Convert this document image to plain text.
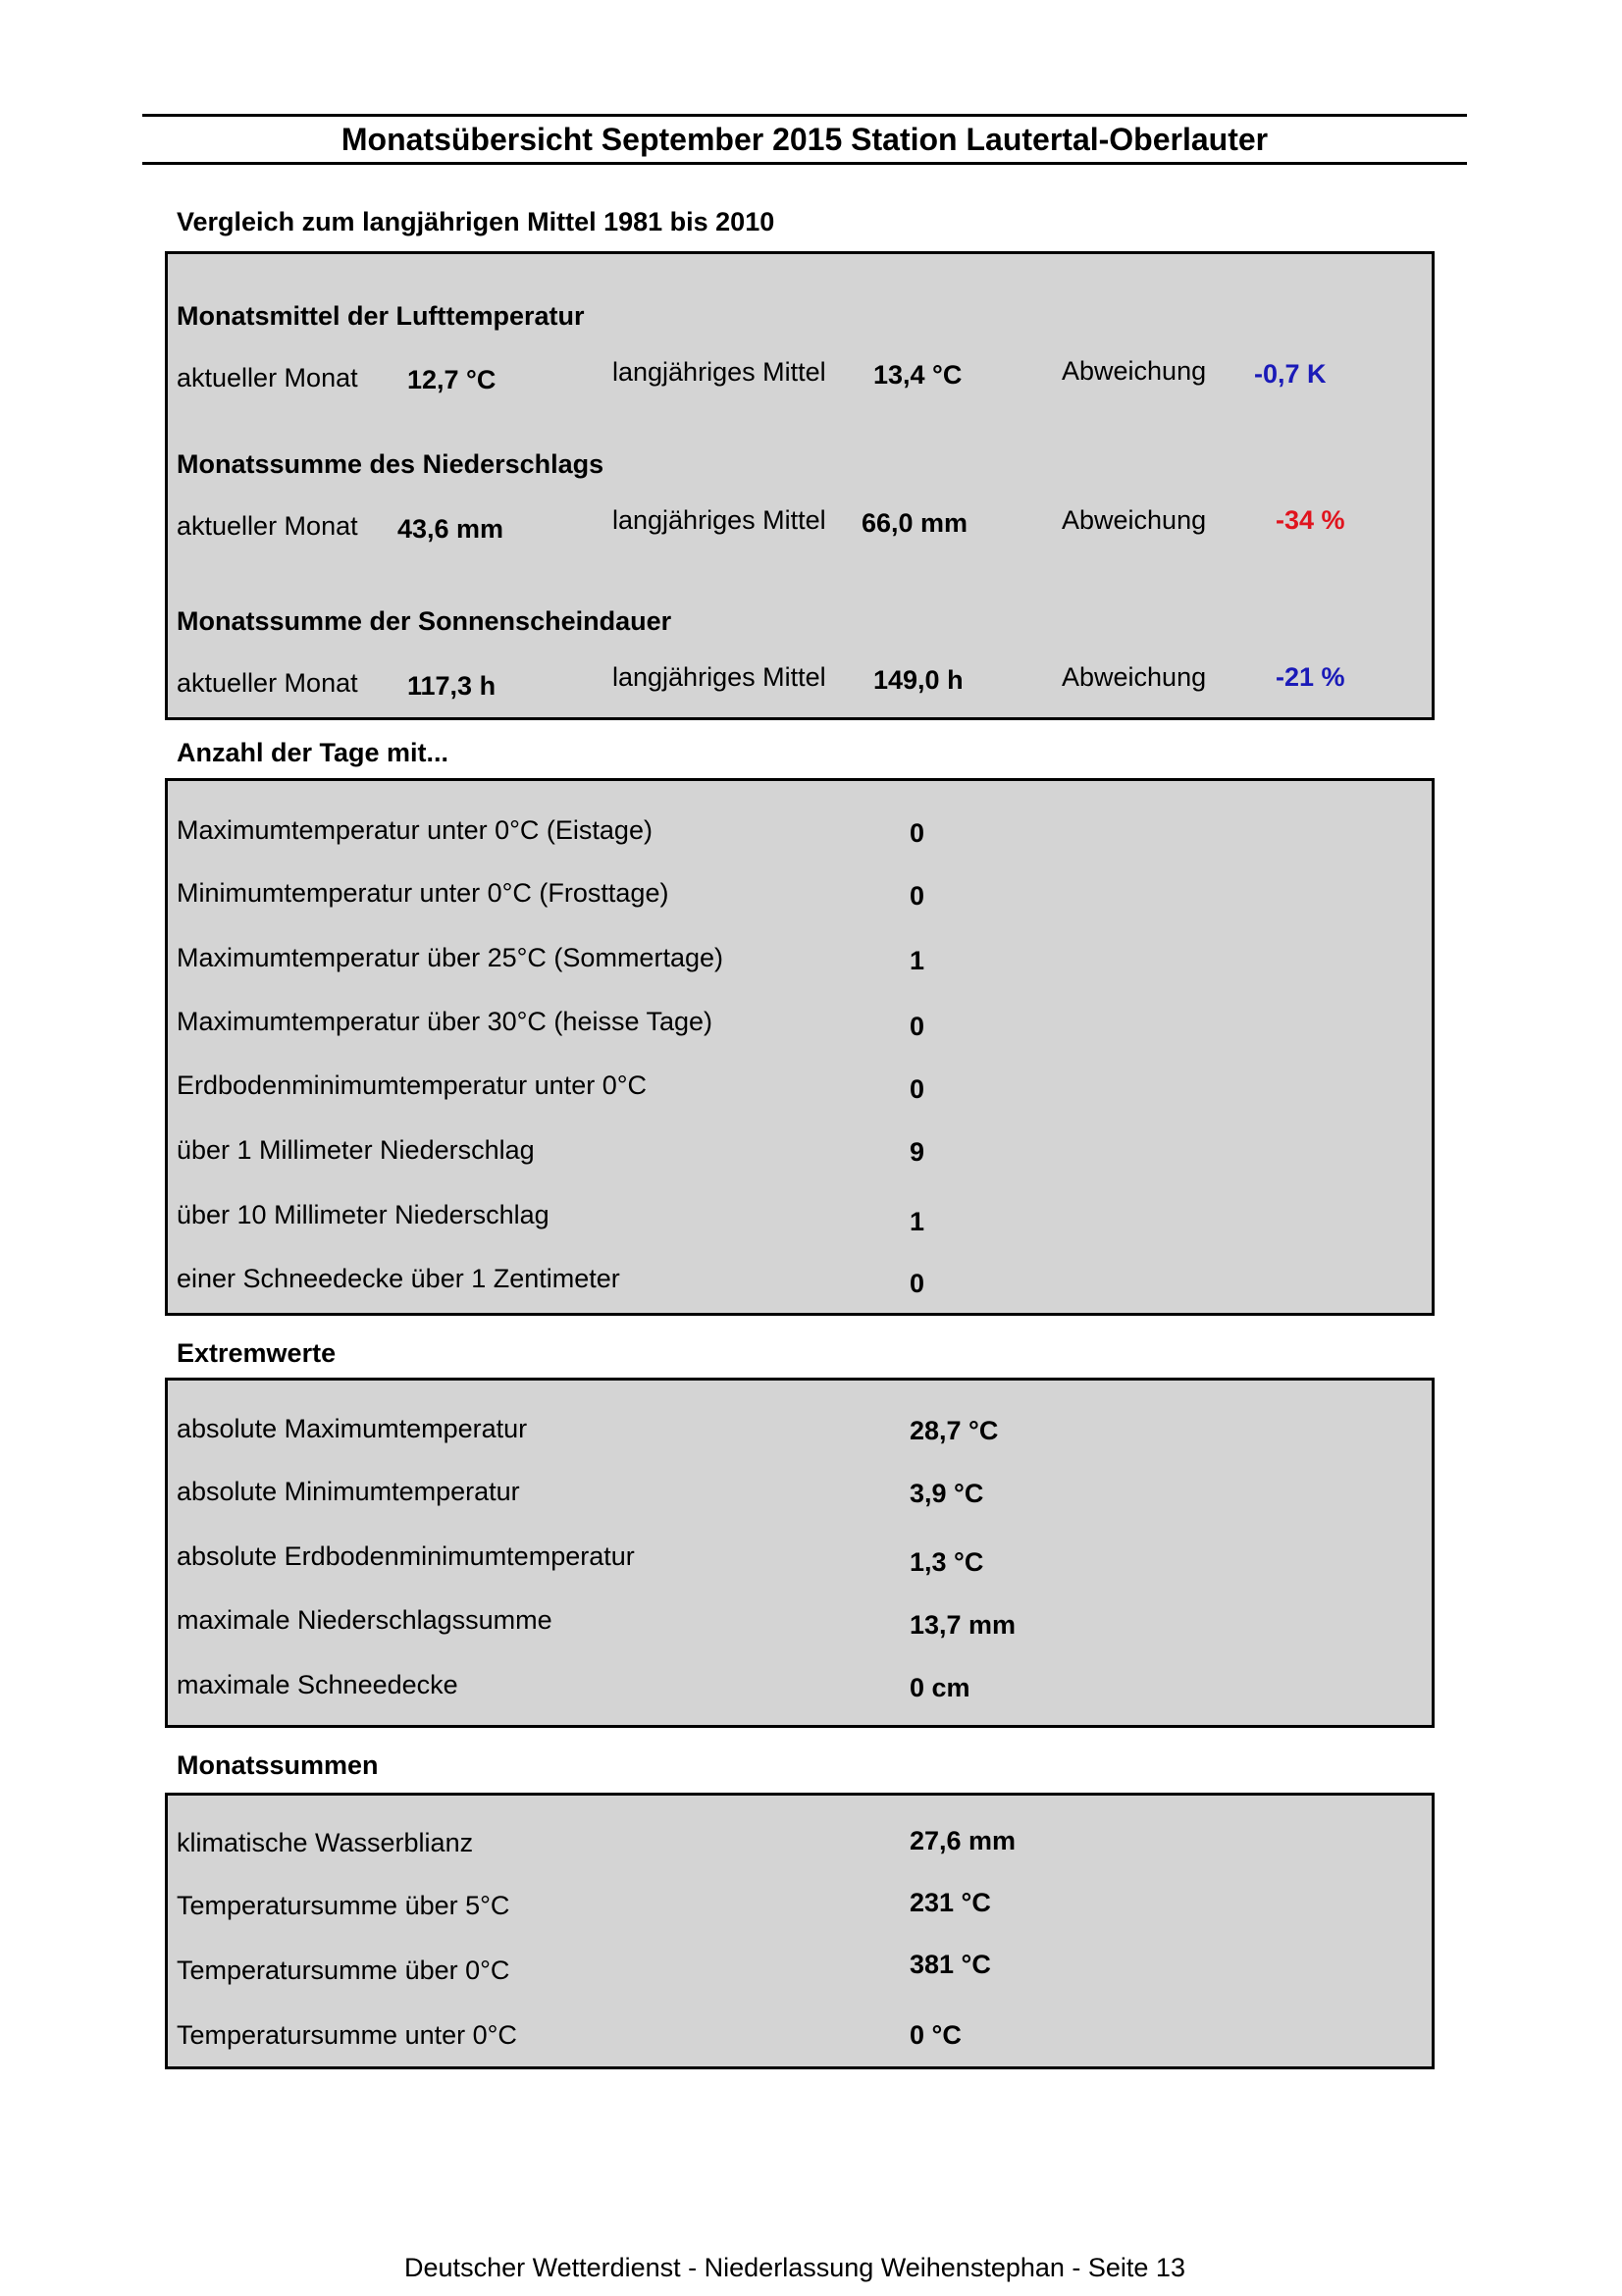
Monatsübersicht September 2015 Station Lautertal-Oberlauter
Vergleich zum langjährigen Mittel 1981 bis 2010
Monatsmittel der Lufttemperatur
aktueller Monat 12,7 °C	langjähriges Mittel 13,4 °C	Abweichung -0,7 K
Monatssumme des Niederschlags
aktueller Monat 43,6 mm	langjähriges Mittel 66,0 mm	Abweichung	-34 %
Monatssumme der Sonnenscheindauer
aktueller Monat 117,3 h	langjähriges Mittel 149,0 h	Abweichung	-21 %
Anzahl der Tage mit...
Maximumtemperatur unter 0°C (Eistage)	0
Minimumtemperatur unter 0°C (Frosttage)	0
Maximumtemperatur über 25°C (Sommertage)	1
Maximumtemperatur über 30°C (heisse Tage)	0
Erdbodenminimumtemperatur unter 0°C	0
über 1 Millimeter Niederschlag	9
über 10 Millimeter Niederschlag	1
einer Schneedecke über 1 Zentimeter	0
Extremwerte
absolute Maximumtemperatur	28,7 °C
absolute Minimumtemperatur	3,9 °C
absolute Erdbodenminimumtemperatur	1,3 °C
maximale Niederschlagssumme	13,7 mm
maximale Schneedecke	0 cm
Monatssummen
klimatische Wasserblianz	27,6 mm
Temperatursumme über 5°C	231 °C
Temperatursumme über 0°C	381 °C
Temperatursumme unter 0°C	0 °C
Deutscher Wetterdienst - Niederlassung Weihenstephan - Seite 13
